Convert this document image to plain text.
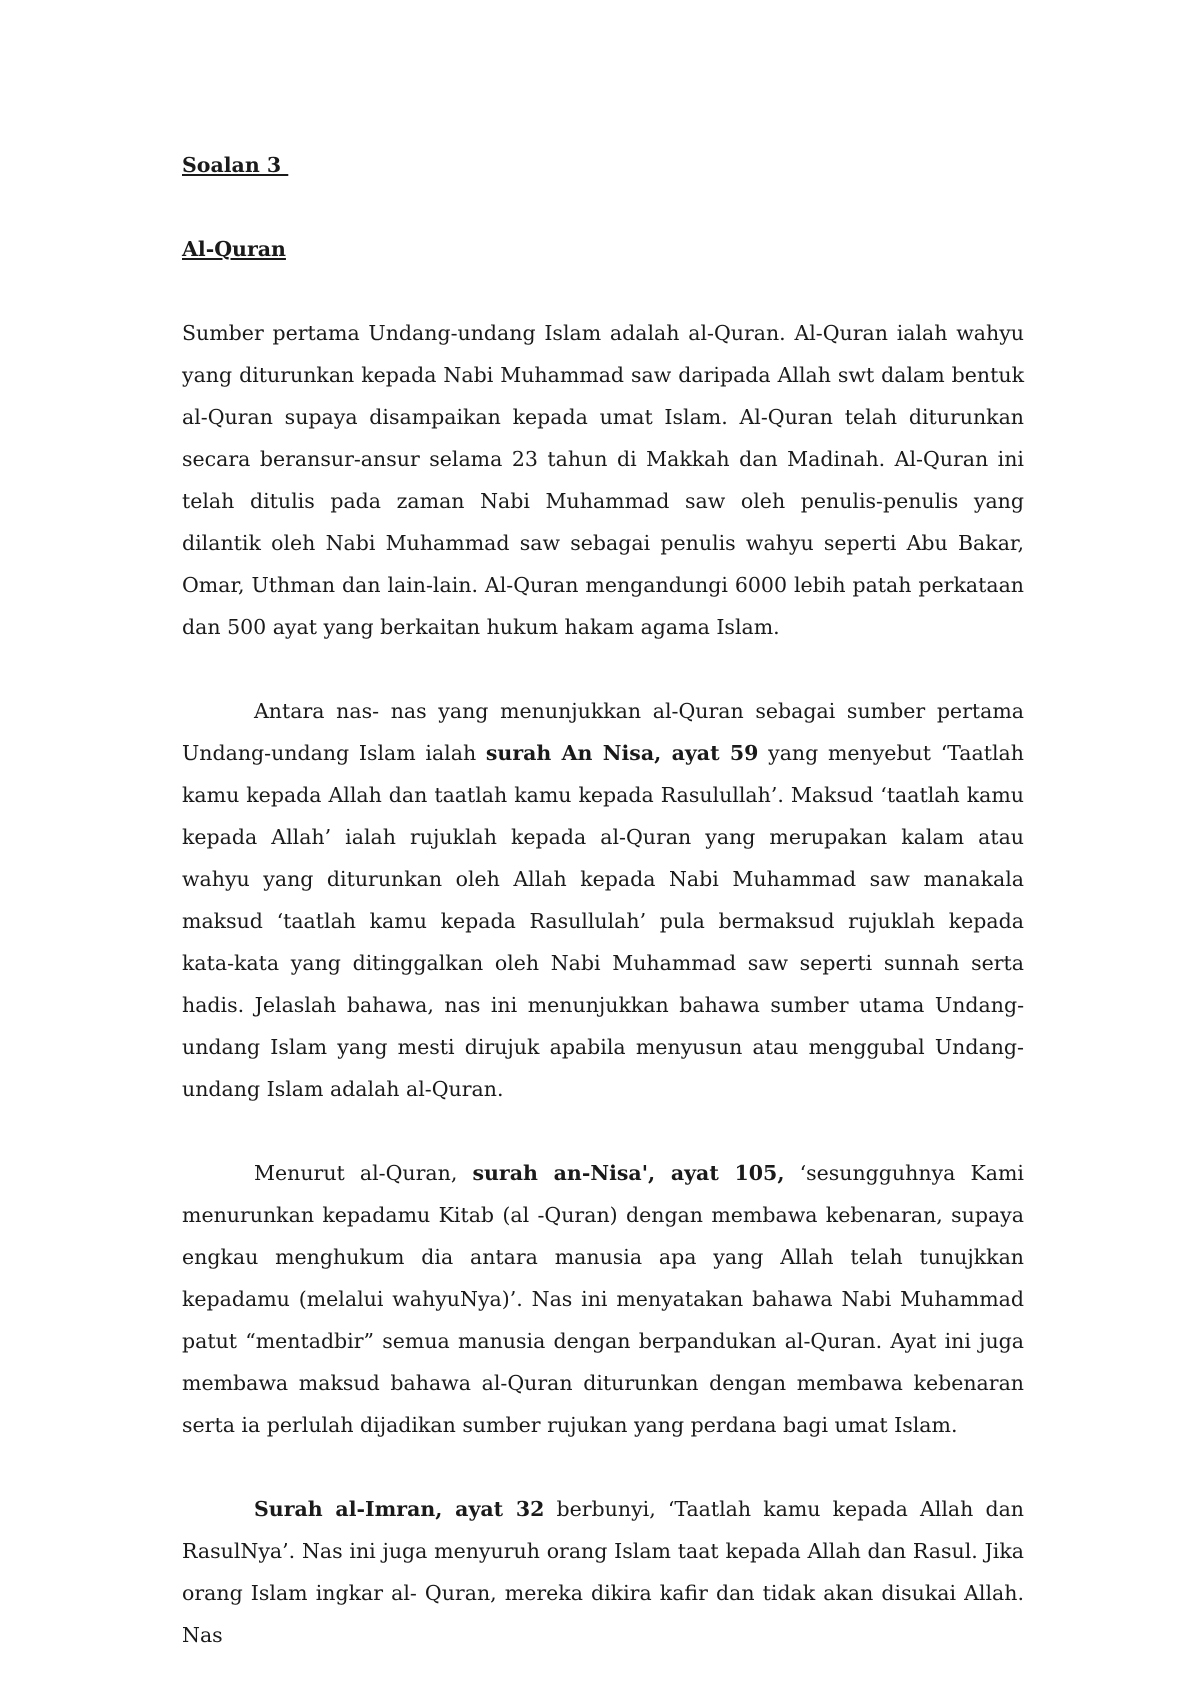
Soalan 3

Al-Quran

Sumber pertama Undang-undang Islam adalah al-Quran. Al-Quran ialah wahyu yang diturunkan kepada Nabi Muhammad saw daripada Allah swt dalam bentuk al-Quran supaya disampaikan kepada umat Islam. Al-Quran telah diturunkan secara beransur-ansur selama 23 tahun di Makkah dan Madinah. Al-Quran ini telah ditulis pada zaman Nabi Muhammad saw oleh penulis-penulis yang dilantik oleh Nabi Muhammad saw sebagai penulis wahyu seperti Abu Bakar, Omar, Uthman dan lain-lain. Al-Quran mengandungi 6000 lebih patah perkataan dan 500 ayat yang berkaitan hukum hakam agama Islam.

Antara nas- nas yang menunjukkan al-Quran sebagai sumber pertama Undang-undang Islam ialah surah An Nisa, ayat 59 yang menyebut ‘Taatlah kamu kepada Allah dan taatlah kamu kepada Rasulullah’. Maksud ‘taatlah kamu kepada Allah’ ialah rujuklah kepada al-Quran yang merupakan kalam atau wahyu yang diturunkan oleh Allah kepada Nabi Muhammad saw manakala maksud ‘taatlah kamu kepada Rasullulah’ pula bermaksud rujuklah kepada kata-kata yang ditinggalkan oleh Nabi Muhammad saw seperti sunnah serta hadis. Jelaslah bahawa, nas ini menunjukkan bahawa sumber utama Undang-undang Islam yang mesti dirujuk apabila menyusun atau menggubal Undang-undang Islam adalah al-Quran.

Menurut al-Quran, surah an-Nisa', ayat 105, ‘sesungguhnya Kami menurunkan kepadamu Kitab (al -Quran) dengan membawa kebenaran, supaya engkau menghukum dia antara manusia apa yang Allah telah tunujkkan kepadamu (melalui wahyuNya)’. Nas ini menyatakan bahawa Nabi Muhammad patut “mentadbir” semua manusia dengan berpandukan al-Quran. Ayat ini juga membawa maksud bahawa al-Quran diturunkan dengan membawa kebenaran serta ia perlulah dijadikan sumber rujukan yang perdana bagi umat Islam.

Surah al-Imran, ayat 32 berbunyi, ‘Taatlah kamu kepada Allah dan RasulNya’. Nas ini juga menyuruh orang Islam taat kepada Allah dan Rasul. Jika orang Islam ingkar al- Quran, mereka dikira kafir dan tidak akan disukai Allah. Nas
